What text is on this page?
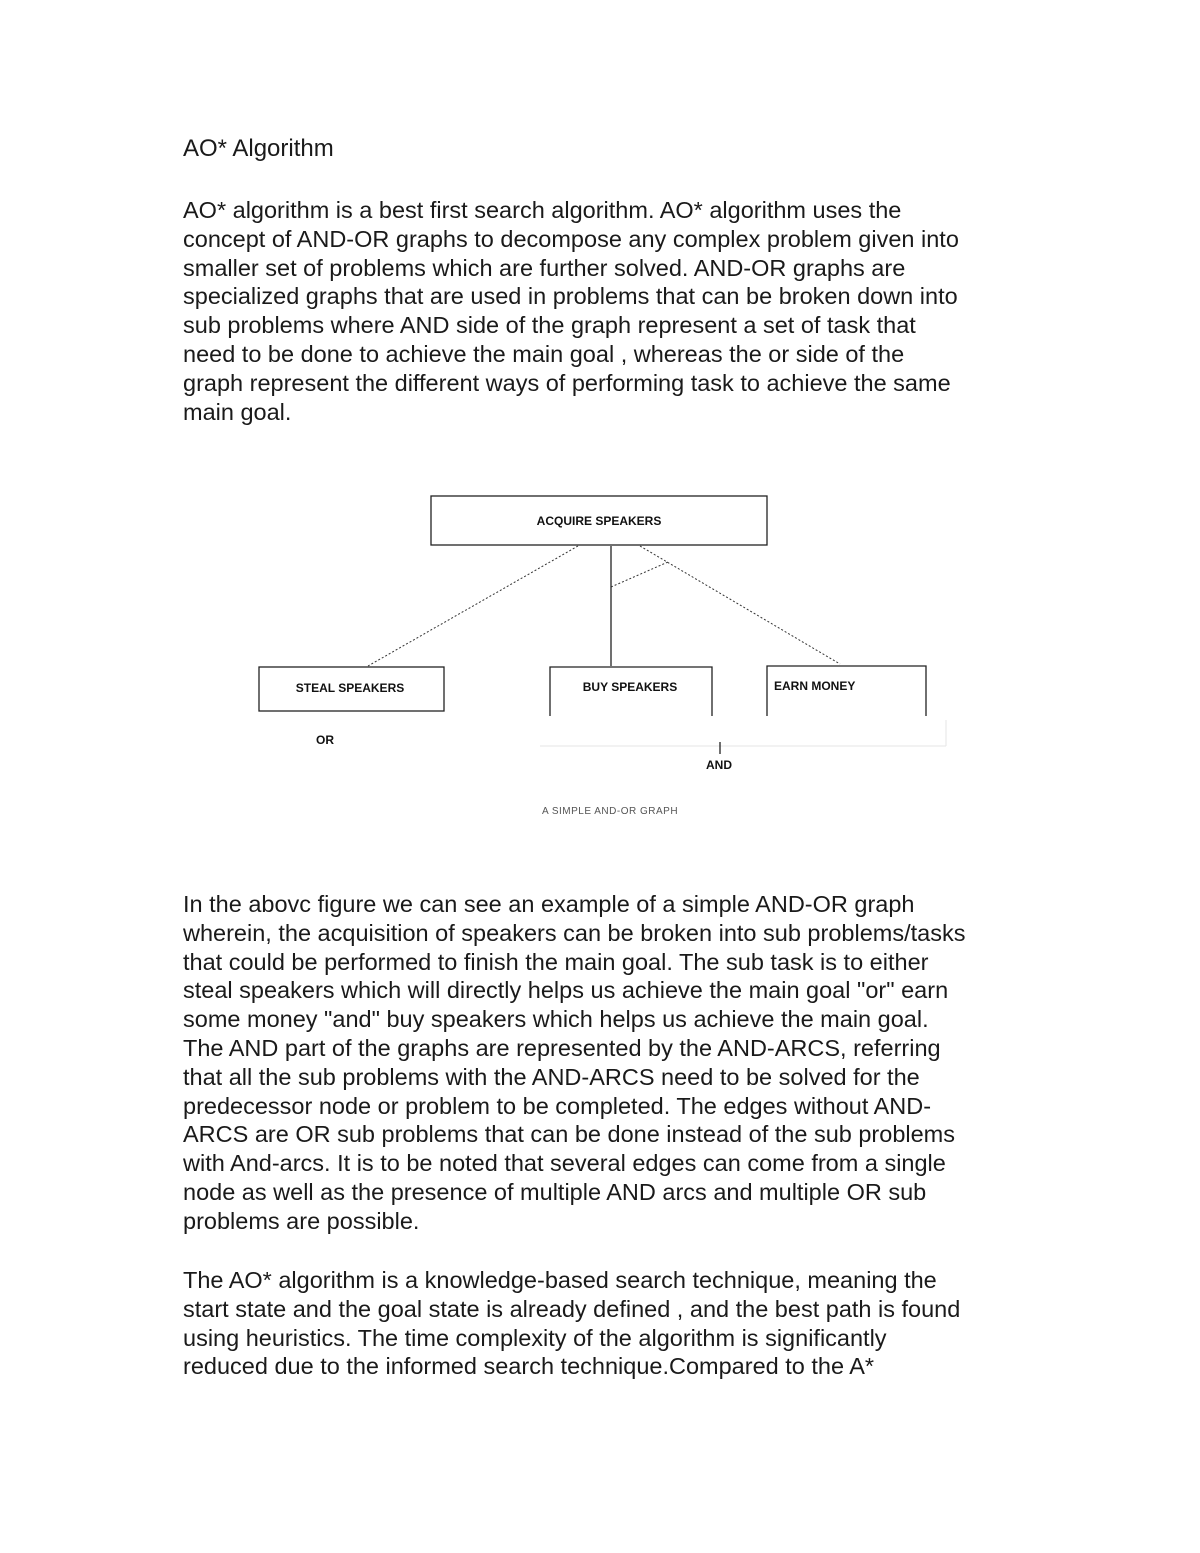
AO* Algorithm

AO* algorithm is a best first search algorithm. AO* algorithm uses the
concept of AND-OR graphs to decompose any complex problem given into
smaller set of problems which are further solved. AND-OR graphs are
specialized graphs that are used in problems that can be broken down into
sub problems where AND side of the graph represent a set of task that
need to be done to achieve the main goal , whereas the or side of the
graph represent the different ways of performing task to achieve the same
main goal.

ACQUIRE SPEAKERS
STEAL SPEAKERS	BUY SPEAKERS	EARN MONEY
OR
AND
A SIMPLE AND-OR GRAPH

In the abovc figure we can see an example of a simple AND-OR graph
wherein, the acquisition of speakers can be broken into sub problems/tasks
that could be performed to finish the main goal. The sub task is to either
steal speakers which will directly helps us achieve the main goal "or" earn
some money "and" buy speakers which helps us achieve the main goal.
The AND part of the graphs are represented by the AND-ARCS, referring
that all the sub problems with the AND-ARCS need to be solved for the
predecessor node or problem to be completed. The edges without AND-
ARCS are OR sub problems that can be done instead of the sub problems
with And-arcs. It is to be noted that several edges can come from a single
node as well as the presence of multiple AND arcs and multiple OR sub
problems are possible.

The AO* algorithm is a knowledge-based search technique, meaning the
start state and the goal state is already defined , and the best path is found
using heuristics. The time complexity of the algorithm is significantly
reduced due to the informed search technique.Compared to the A*
